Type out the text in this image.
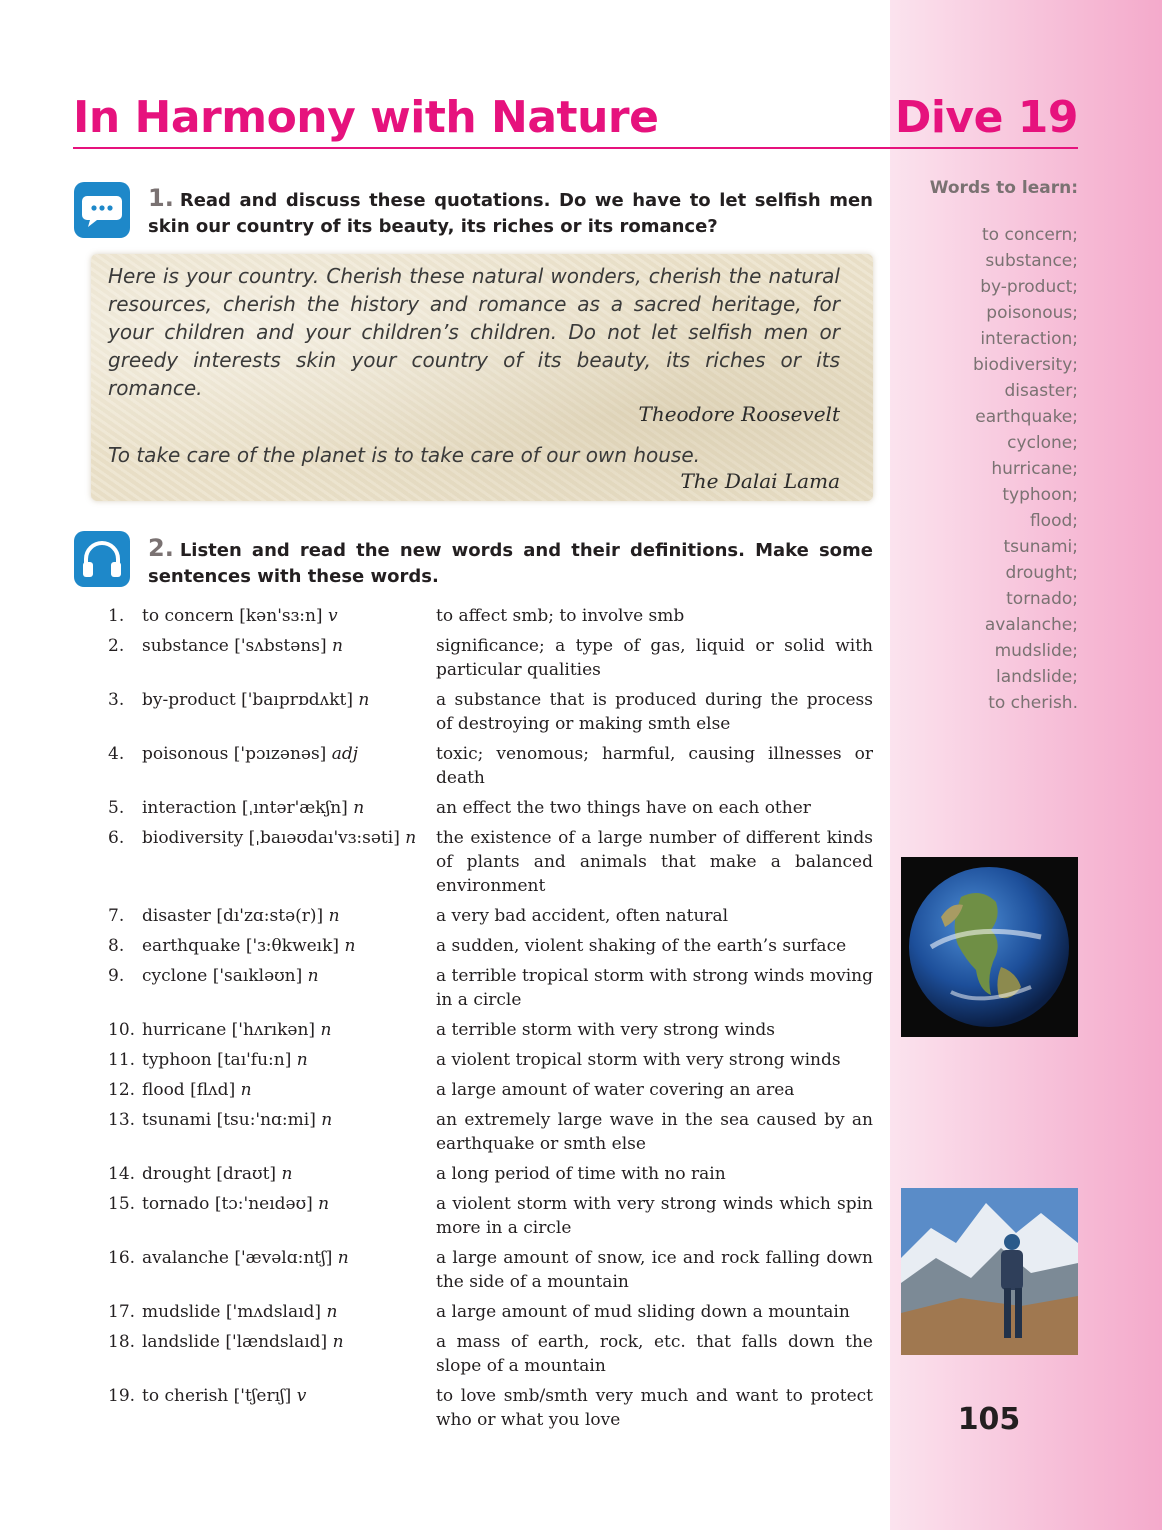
In Harmony with Nature	Dive 19
Words to learn:
to concern;
substance;
by-product;
poisonous;
interaction;
biodiversity;
disaster;
earthquake;
cyclone;
hurricane;
typhoon;
flood;
tsunami;
drought;
tornado;
avalanche;
mudslide;
landslide;
to cherish.
1. Read and discuss these quotations. Do we have to let selfish men skin our country of its beauty, its riches or its romance?

Here is your country. Cherish these natural wonders, cherish the natural resources, cherish the history and romance as a sacred heritage, for your children and your children’s children. Do not let selfish men or greedy interests skin your country of its beauty, its riches or its romance.

Theodore Roosevelt

To take care of the planet is to take care of our own house.

The Dalai Lama
2. Listen and read the new words and their definitions. Make some sentences with these words.
1.	to concern [kən'sɜ:n] v	to affect smb; to involve smb
2.	substance ['sʌbstəns] n	significance; a type of gas, liquid or solid with particular qualities
3.	by-product ['baıprɒdʌkt] n	a substance that is produced during the process of destroying or making smth else
4.	poisonous ['pɔızənəs] adj	toxic; venomous; harmful, causing illnesses or death
5.	interaction [ˌıntər'ækʃn] n	an effect the two things have on each other
6.	biodiversity [ˌbaıəʊdaı'vɜ:səti] n	the existence of a large number of different kinds of plants and animals that make a balanced environment
7.	disaster [dı'zɑ:stə(r)] n	a very bad accident, often natural
8.	earthquake ['ɜ:θkweık] n	a sudden, violent shaking of the earth’s surface
9.	cyclone ['saıkləʊn] n	a terrible tropical storm with strong winds moving in a circle
10.	hurricane ['hʌrıkən] n	a terrible storm with very strong winds
11.	typhoon [taı'fu:n] n	a violent tropical storm with very strong winds
12.	flood [flʌd] n	a large amount of water covering an area
13.	tsunami [tsu:'nɑ:mi] n	an extremely large wave in the sea caused by an earthquake or smth else
14.	drought [draʊt] n	a long period of time with no rain
15.	tornado [tɔ:'neıdəʊ] n	a violent storm with very strong winds which spin more in a circle
16.	avalanche ['ævəlɑ:ntʃ] n	a large amount of snow, ice and rock falling down the side of a mountain
17.	mudslide ['mʌdslaıd] n	a large amount of mud sliding down a mountain
18.	landslide ['lændslaıd] n	a mass of earth, rock, etc. that falls down the slope of a mountain
19.	to cherish ['tʃerıʃ] v	to love smb/smth very much and want to protect who or what you love	105
